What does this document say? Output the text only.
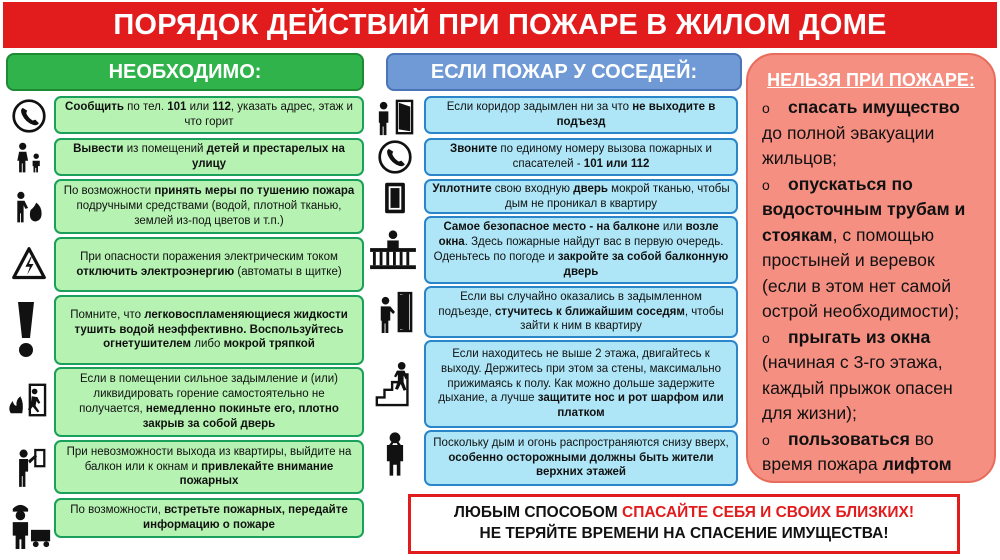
ПОРЯДОК ДЕЙСТВИЙ ПРИ ПОЖАРЕ В ЖИЛОМ ДОМЕ
НЕОБХОДИМО:	ЕСЛИ ПОЖАР У СОСЕДЕЙ:

Сообщить по тел. 101 или 112, указать адрес, этаж и что горит

Вывести из помещений детей и престарелых на улицу

По возможности принять меры по тушению пожара подручными средствами (водой, плотной тканью, землей из-под цветов и т.п.)

При опасности поражения электрическим током отключить электроэнергию (автоматы в щитке)

Помните, что легковоспламеняющиеся жидкости тушить водой неэффективно. Воспользуйтесь огнетушителем либо мокрой тряпкой

Если в помещении сильное задымление и (или) ликвидировать горение самостоятельно не получается, немедленно покиньте его, плотно закрыв за собой дверь

При невозможности выхода из квартиры, выйдите на балкон или к окнам и привлекайте внимание пожарных

По возможности, встретьте пожарных, передайте информацию о пожаре

Если коридор задымлен ни за что не выходите в подъезд

Звоните по единому номеру вызова пожарных и спасателей - 101 или 112

Уплотните свою входную дверь мокрой тканью, чтобы дым не проникал в квартиру

Самое безопасное место - на балконе или возле окна. Здесь пожарные найдут вас в первую очередь. Оденьтесь по погоде и закройте за собой балконную дверь

Если вы случайно оказались в задымленном подъезде, стучитесь к ближайшим соседям, чтобы зайти к ним в квартиру

Если находитесь не выше 2 этажа, двигайтесь к выходу. Держитесь при этом за стены, максимально прижимаясь к полу. Как можно дольше задержите дыхание, а лучше защитите нос и рот шарфом или платком

Поскольку дым и огонь распространяются снизу вверх, особенно осторожными должны быть жители верхних этажей

НЕЛЬЗЯ ПРИ ПОЖАРЕ:
o спасать имущество до полной эвакуации жильцов;
o опускаться по водосточным трубам и стоякам, с помощью простыней и веревок (если в этом нет самой острой необходимости);
o прыгать из окна (начиная с 3-го этажа, каждый прыжок опасен для жизни);
o пользоваться во время пожара лифтом
ЛЮБЫМ СПОСОБОМ СПАСАЙТЕ СЕБЯ И СВОИХ БЛИЗКИХ!
НЕ ТЕРЯЙТЕ ВРЕМЕНИ НА СПАСЕНИЕ ИМУЩЕСТВА!
